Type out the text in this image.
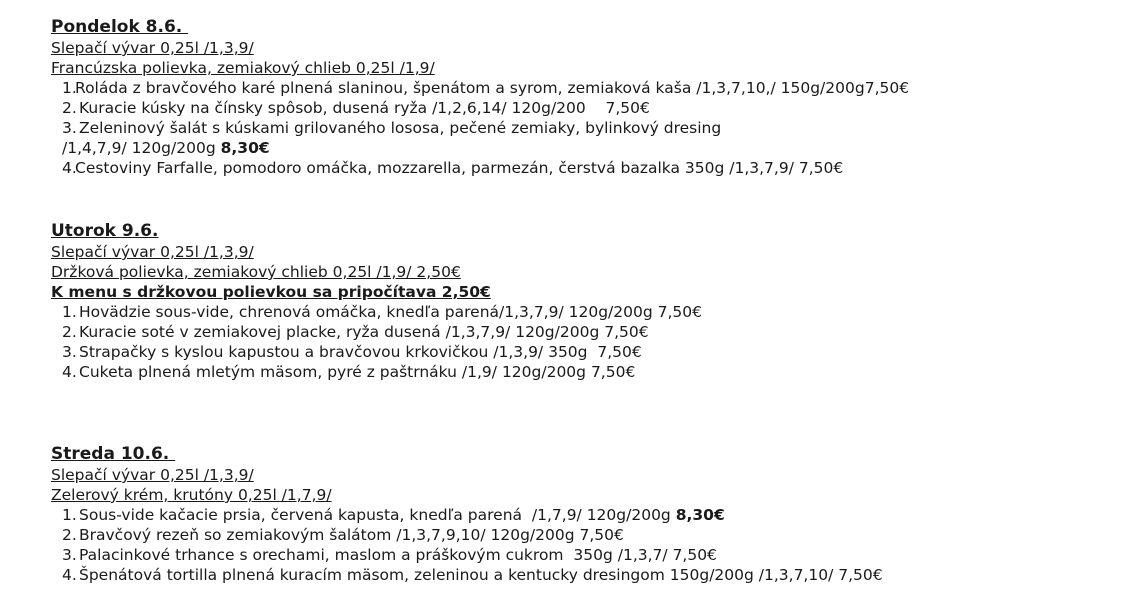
Pondelok 8.6.
Slepačí vývar 0,25l /1,3,9/
Francúzska polievka, zemiakový chlieb 0,25l /1,9/
1.
Roláda z bravčového karé plnená slaninou, špenátom a syrom, zemiaková kaša /1,3,7,10,/ 150g/200g7,50€
2. Kuracie kúsky na čínsky spôsob, dusená ryža /1,2,6,14/ 120g/200    7,50€
3. Zeleninový šalát s kúskami grilovaného lososa, pečené zemiaky, bylinkový dresing
/1,4,7,9/ 120g/200g 8,30€
4.
Cestoviny Farfalle, pomodoro omáčka, mozzarella, parmezán, čerstvá bazalka 350g /1,3,7,9/ 7,50€
Utorok 9.6.
Slepačí vývar 0,25l /1,3,9/
Držková polievka, zemiakový chlieb 0,25l /1,9/ 2,50€
K menu s držkovou polievkou sa pripočítava 2,50€
1. Hovädzie sous-vide, chrenová omáčka, knedľa parená/1,3,7,9/ 120g/200g 7,50€
2. Kuracie soté v zemiakovej placke, ryža dusená /1,3,7,9/ 120g/200g 7,50€
3. Strapačky s kyslou kapustou a bravčovou krkovičkou /1,3,9/ 350g  7,50€
4. Cuketa plnená mletým mäsom, pyré z paštrnáku /1,9/ 120g/200g 7,50€
Streda 10.6.
Slepačí vývar 0,25l /1,3,9/
Zelerový krém, krutóny 0,25l /1,7,9/
1. Sous-vide kačacie prsia, červená kapusta, knedľa parená  /1,7,9/ 120g/200g 8,30€
2. Bravčový rezeň so zemiakovým šalátom /1,3,7,9,10/ 120g/200g 7,50€
3. Palacinkové trhance s orechami, maslom a práškovým cukrom  350g /1,3,7/ 7,50€
4. Špenátová tortilla plnená kuracím mäsom, zeleninou a kentucky dresingom 150g/200g /1,3,7,10/ 7,50€
